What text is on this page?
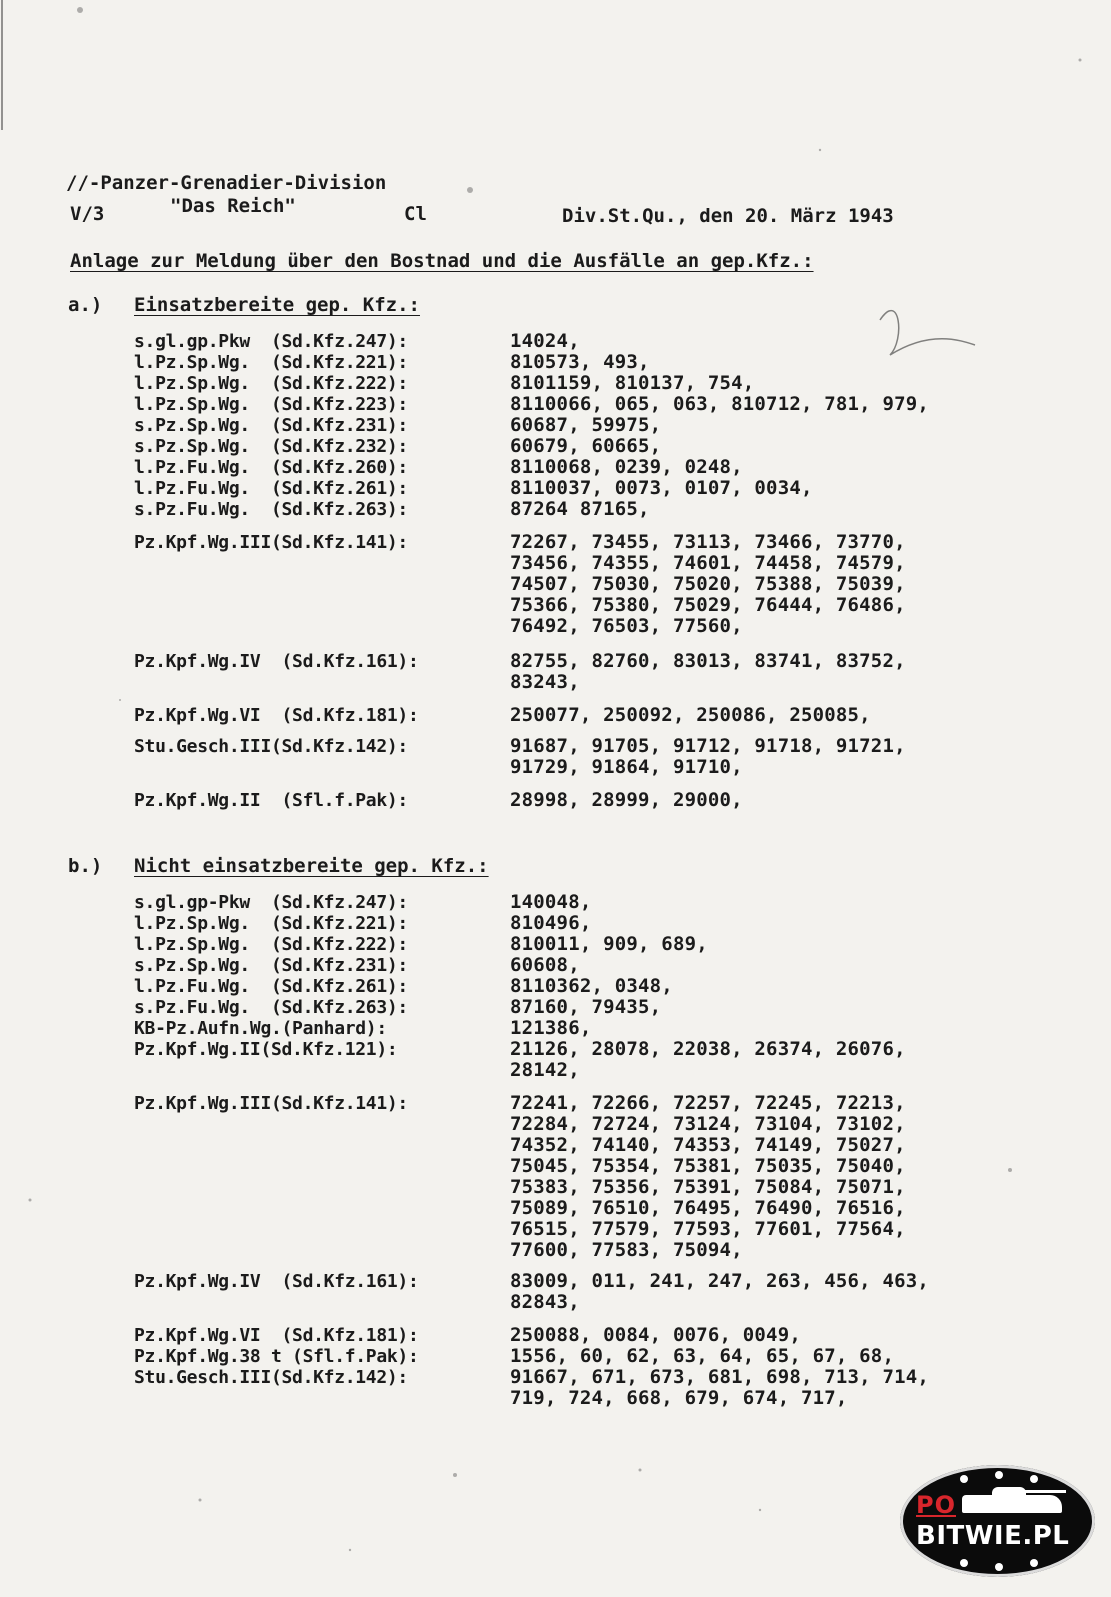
//-Panzer-Grenadier-Division
V/3	"Das Reich"	Cl	Div.St.Qu., den 20. März 1943
Anlage zur Meldung über den Bostnad und die Ausfälle an gep.Kfz.:
a.) Einsatzbereite gep. Kfz.:
s.gl.gp.Pkw  (Sd.Kfz.247):	14024,
l.Pz.Sp.Wg.  (Sd.Kfz.221):	810573, 493,
l.Pz.Sp.Wg.  (Sd.Kfz.222):	8101159, 810137, 754,
l.Pz.Sp.Wg.  (Sd.Kfz.223):	8110066, 065, 063, 810712, 781, 979,
s.Pz.Sp.Wg.  (Sd.Kfz.231):	60687, 59975,
s.Pz.Sp.Wg.  (Sd.Kfz.232):	60679, 60665,
l.Pz.Fu.Wg.  (Sd.Kfz.260):	8110068, 0239, 0248,
l.Pz.Fu.Wg.  (Sd.Kfz.261):	8110037, 0073, 0107, 0034,
s.Pz.Fu.Wg.  (Sd.Kfz.263):	87264 87165,
Pz.Kpf.Wg.III(Sd.Kfz.141):	72267, 73455, 73113, 73466, 73770,
73456, 74355, 74601, 74458, 74579,
74507, 75030, 75020, 75388, 75039,
75366, 75380, 75029, 76444, 76486,
76492, 76503, 77560,
Pz.Kpf.Wg.IV  (Sd.Kfz.161):	82755, 82760, 83013, 83741, 83752,
83243,
Pz.Kpf.Wg.VI  (Sd.Kfz.181):	250077, 250092, 250086, 250085,
Stu.Gesch.III(Sd.Kfz.142):	91687, 91705, 91712, 91718, 91721,
91729, 91864, 91710,
Pz.Kpf.Wg.II  (Sfl.f.Pak):	28998, 28999, 29000,
b.) Nicht einsatzbereite gep. Kfz.:
s.gl.gp-Pkw  (Sd.Kfz.247):	140048,
l.Pz.Sp.Wg.  (Sd.Kfz.221):	810496,
l.Pz.Sp.Wg.  (Sd.Kfz.222):	810011, 909, 689,
s.Pz.Sp.Wg.  (Sd.Kfz.231):	60608,
l.Pz.Fu.Wg.  (Sd.Kfz.261):	8110362, 0348,
s.Pz.Fu.Wg.  (Sd.Kfz.263):	87160, 79435,
KB-Pz.Aufn.Wg.(Panhard):	121386,
Pz.Kpf.Wg.II(Sd.Kfz.121):	21126, 28078, 22038, 26374, 26076,
28142,
Pz.Kpf.Wg.III(Sd.Kfz.141):	72241, 72266, 72257, 72245, 72213,
72284, 72724, 73124, 73104, 73102,
74352, 74140, 74353, 74149, 75027,
75045, 75354, 75381, 75035, 75040,
75383, 75356, 75391, 75084, 75071,
75089, 76510, 76495, 76490, 76516,
76515, 77579, 77593, 77601, 77564,
77600, 77583, 75094,
Pz.Kpf.Wg.IV  (Sd.Kfz.161):	83009, 011, 241, 247, 263, 456, 463,
82843,
Pz.Kpf.Wg.VI  (Sd.Kfz.181):	250088, 0084, 0076, 0049,
Pz.Kpf.Wg.38 t (Sfl.f.Pak):	1556, 60, 62, 63, 64, 65, 67, 68,
Stu.Gesch.III(Sd.Kfz.142):	91667, 671, 673, 681, 698, 713, 714,
719, 724, 668, 679, 674, 717,
PO
BITWIE.PL
